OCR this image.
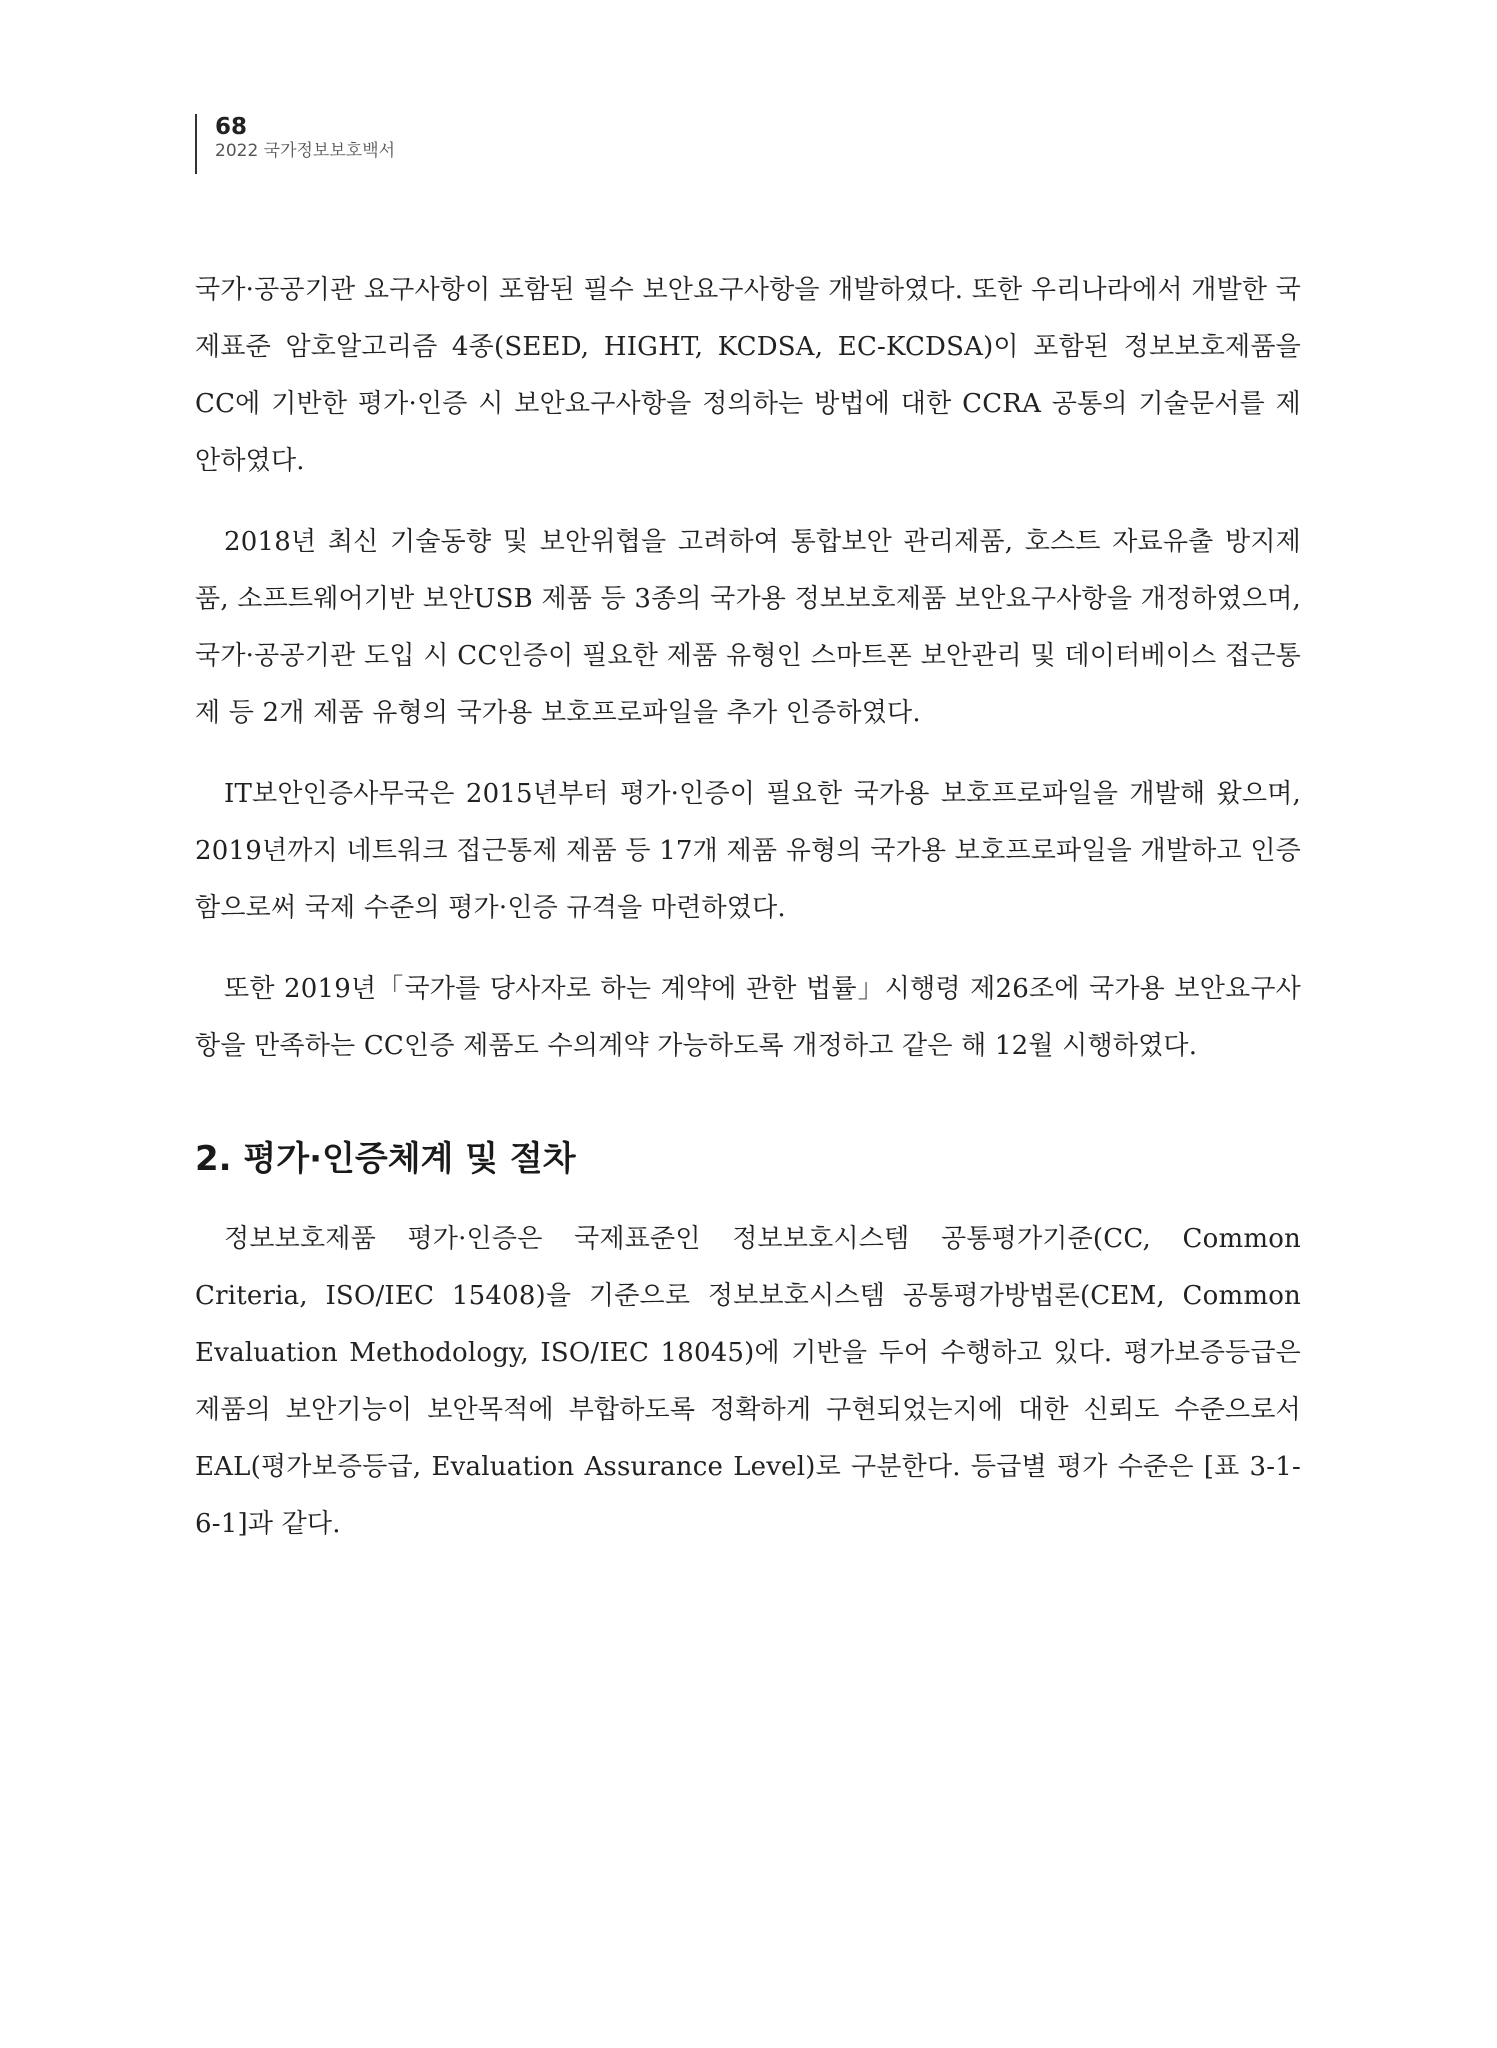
68
2022 국가정보보호백서

국가·공공기관 요구사항이 포함된 필수 보안요구사항을 개발하였다. 또한 우리나라에서 개발한 국제표준 암호알고리즘 4종(SEED, HIGHT, KCDSA, EC-KCDSA)이 포함된 정보보호제품을 CC에 기반한 평가·인증 시 보안요구사항을 정의하는 방법에 대한 CCRA 공통의 기술문서를 제안하였다.

2018년 최신 기술동향 및 보안위협을 고려하여 통합보안 관리제품, 호스트 자료유출 방지제품, 소프트웨어기반 보안USB 제품 등 3종의 국가용 정보보호제품 보안요구사항을 개정하였으며, 국가·공공기관 도입 시 CC인증이 필요한 제품 유형인 스마트폰 보안관리 및 데이터베이스 접근통제 등 2개 제품 유형의 국가용 보호프로파일을 추가 인증하였다.

IT보안인증사무국은 2015년부터 평가·인증이 필요한 국가용 보호프로파일을 개발해 왔으며, 2019년까지 네트워크 접근통제 제품 등 17개 제품 유형의 국가용 보호프로파일을 개발하고 인증함으로써 국제 수준의 평가·인증 규격을 마련하였다.

또한 2019년「국가를 당사자로 하는 계약에 관한 법률」시행령 제26조에 국가용 보안요구사항을 만족하는 CC인증 제품도 수의계약 가능하도록 개정하고 같은 해 12월 시행하였다.

2. 평가·인증체계 및 절차

정보보호제품 평가·인증은 국제표준인 정보보호시스템 공통평가기준(CC, Common Criteria, ISO/IEC 15408)을 기준으로 정보보호시스템 공통평가방법론(CEM, Common Evaluation Methodology, ISO/IEC 18045)에 기반을 두어 수행하고 있다. 평가보증등급은 제품의 보안기능이 보안목적에 부합하도록 정확하게 구현되었는지에 대한 신뢰도 수준으로서 EAL(평가보증등급, Evaluation Assurance Level)로 구분한다. 등급별 평가 수준은 [표 3-1-6-1]과 같다.
